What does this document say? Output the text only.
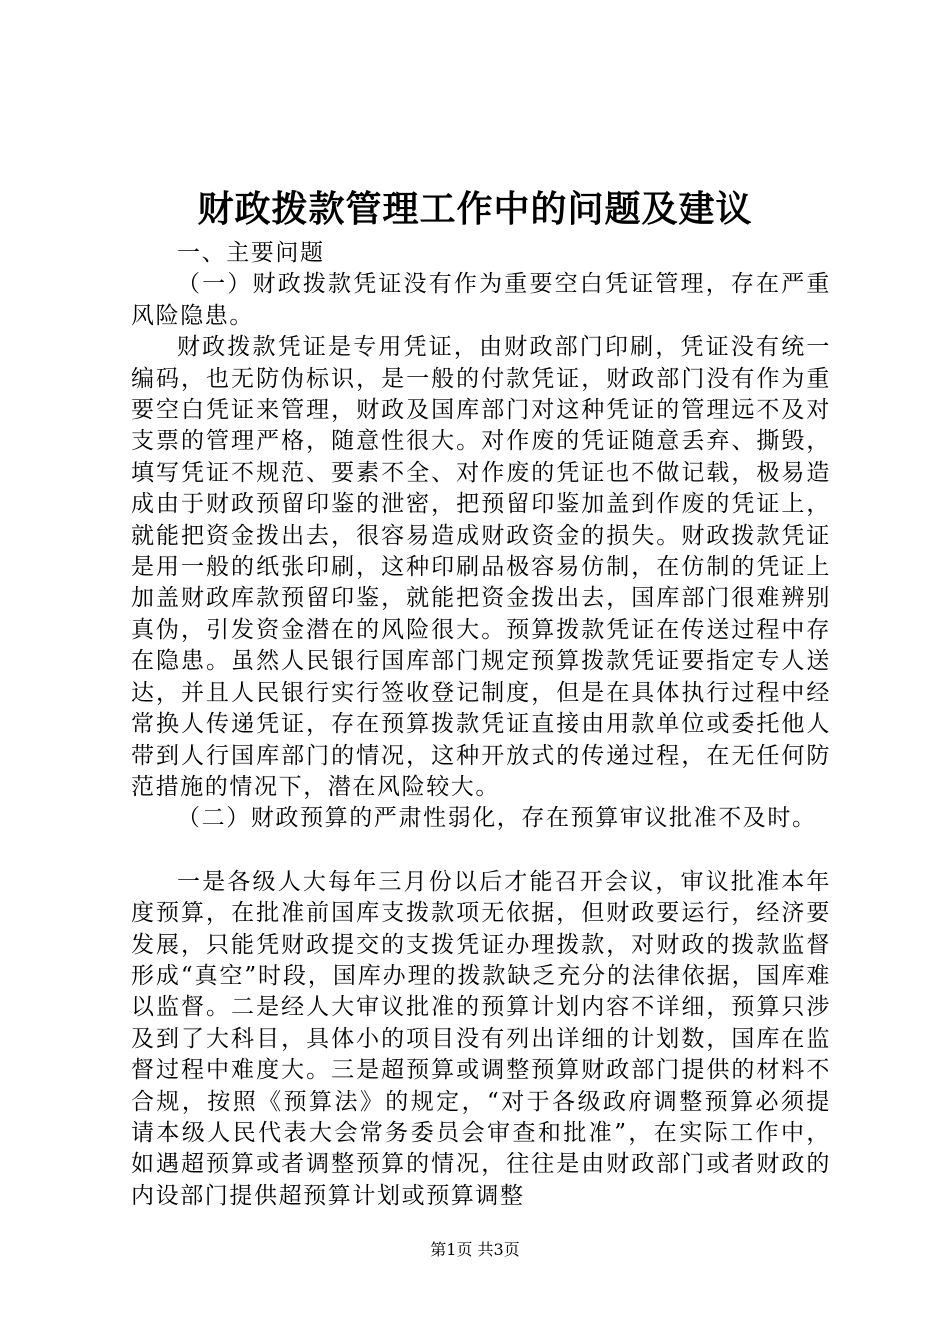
财政拨款管理工作中的问题及建议

一、主要问题

（一）财政拨款凭证没有作为重要空白凭证管理，存在严重风险隐患。

财政拨款凭证是专用凭证，由财政部门印刷，凭证没有统一编码，也无防伪标识，是一般的付款凭证，财政部门没有作为重要空白凭证来管理，财政及国库部门对这种凭证的管理远不及对支票的管理严格，随意性很大。对作废的凭证随意丢弃、撕毁，填写凭证不规范、要素不全、对作废的凭证也不做记载，极易造成由于财政预留印鉴的泄密，把预留印鉴加盖到作废的凭证上，就能把资金拨出去，很容易造成财政资金的损失。财政拨款凭证是用一般的纸张印刷，这种印刷品极容易仿制，在仿制的凭证上加盖财政库款预留印鉴，就能把资金拨出去，国库部门很难辨别真伪，引发资金潜在的风险很大。预算拨款凭证在传送过程中存在隐患。虽然人民银行国库部门规定预算拨款凭证要指定专人送达，并且人民银行实行签收登记制度，但是在具体执行过程中经常换人传递凭证，存在预算拨款凭证直接由用款单位或委托他人带到人行国库部门的情况，这种开放式的传递过程，在无任何防范措施的情况下，潜在风险较大。

（二）财政预算的严肃性弱化，存在预算审议批准不及时。

一是各级人大每年三月份以后才能召开会议，审议批准本年度预算，在批准前国库支拨款项无依据，但财政要运行，经济要发展，只能凭财政提交的支拨凭证办理拨款，对财政的拨款监督形成“真空”时段，国库办理的拨款缺乏充分的法律依据，国库难以监督。二是经人大审议批准的预算计划内容不详细，预算只涉及到了大科目，具体小的项目没有列出详细的计划数，国库在监督过程中难度大。三是超预算或调整预算财政部门提供的材料不合规，按照《预算法》的规定，“对于各级政府调整预算必须提请本级人民代表大会常务委员会审查和批准”，在实际工作中，如遇超预算或者调整预算的情况，往往是由财政部门或者财政的内设部门提供超预算计划或预算调整

第1页 共3页
